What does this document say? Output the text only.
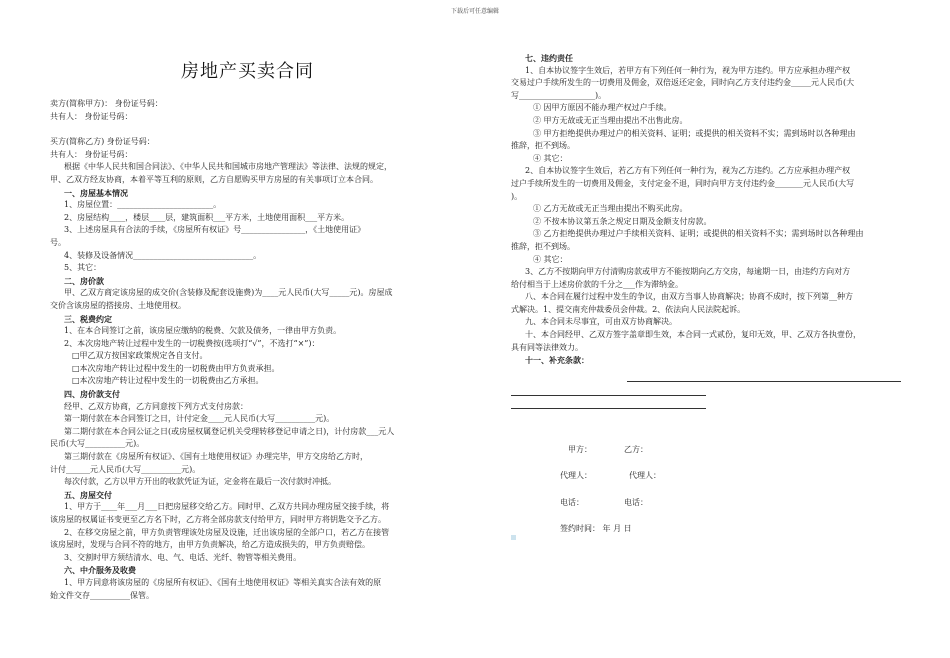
下载后可任意编辑
房地产买卖合同
卖方(简称甲方)： 身份证号码：
共有人： 身份证号码：
买方(简称乙方) 身份证号码：
共有人： 身份证号码：
根据《中华人民共和国合同法》、《中华人民共和国城市房地产管理法》等法律、法规的规定，
甲、乙双方经友协商，本着平等互利的原则，乙方自愿购买甲方房屋的有关事项订立本合同。
一、房屋基本情况
1、房屋位置：________________________。
2、房屋结构____，楼层____层，建筑面积___平方米，土地使用面积___平方米。
3、上述房屋具有合法的手续，《房屋所有权证》号________________，《土地使用证》
号。
4、装修及设备情况______________________________。
5、其它：
二、房价款
甲、乙双方商定该房屋的成交价(含装修及配套设施费)为____元人民币(大写_____元)。房屋成
交价含该房屋的搭接房、土地使用权。
三、税费约定
1、在本合同签订之前，该房屋应缴纳的税费、欠款及债务，一律由甲方负责。
2、本次房地产转让过程中发生的一切税费按(选项打“√”，不选打“×”)：
□甲乙双方按国家政策规定各自支付。
□本次房地产转让过程中发生的一切税费由甲方负责承担。
□本次房地产转让过程中发生的一切税费由乙方承担。
四、房价款支付
经甲、乙双方协商，乙方同意按下列方式支付房款：
第一期付款在本合同签订之日，计付定金____元人民币(大写__________元)。
第二期付款在本合同公证之日(或房屋权属登记机关受理转移登记申请之日)，计付房款___元人
民币(大写__________元)。
第三期付款在《房屋所有权证》、《国有土地使用权证》办理完毕，甲方交房给乙方时，
计付______元人民币(大写__________元)。
每次付款，乙方以甲方开出的收款凭证为证，定金将在最后一次付款时冲抵。
五、房屋交付
1、甲方于____年___月___日把房屋移交给乙方。同时甲、乙双方共同办理房屋交接手续，将
该房屋的权属证书变更至乙方名下时，乙方将全部房款支付给甲方，同时甲方将钥匙交予乙方。
2、在移交房屋之前，甲方负责管理该处房屋及设施，迁出该房屋的全部户口，若乙方在接管
该房屋时，发现与合同不符的地方，由甲方负责解决，给乙方造成损失的，甲方负责赔偿。
3、交割时甲方须结清水、电、气、电话、光纤、物管等相关费用。
六、中介服务及收费
1、甲方同意将该房屋的《房屋所有权证》、《国有土地使用权证》等相关真实合法有效的原
始文件交存__________保管。
七、违约责任
1、自本协议签字生效后，若甲方有下列任何一种行为，视为甲方违约。甲方应承担办理产权
交易过户手续所发生的一切费用及佣金，双倍返还定金，同时向乙方支付违约金_____元人民币(大
写___________________)。
① 因甲方原因不能办理产权过户手续。
② 甲方无故或无正当理由提出不出售此房。
③ 甲方拒绝提供办理过户的相关资料、证明；或提供的相关资料不实；需到场时以各种理由
推辞，拒不到场。
④ 其它：
2、自本协议签字生效后，若乙方有下列任何一种行为，视为乙方违约。乙方应承担办理产权
过户手续所发生的一切费用及佣金，支付定金不退，同时向甲方支付违约金_______元人民币(大写
)。
① 乙方无故或无正当理由提出不购买此房。
② 不按本协议第五条之规定日期及金额支付房款。
③ 乙方拒绝提供办理过户手续相关资料、证明；或提供的相关资料不实；需到场时以各种理由
推辞，拒不到场。
④ 其它：
3、乙方不按期向甲方付清购房款或甲方不能按期向乙方交房，每逾期一日，由违约方向对方
给付相当于上述房价款的千分之___作为滞纳金。
八、本合同在履行过程中发生的争议，由双方当事人协商解决；协商不成时，按下列第__种方
式解决。1、提交南充仲裁委员会仲裁。2、依法向人民法院起诉。
九、本合同未尽事宜，可由双方协商解决。
十、本合同经甲、乙双方签字盖章即生效，本合同一式贰份，复印无效，甲、乙双方各执壹份，
具有同等法律效力。
十一、补充条款：
甲方：	乙方：
代理人：	代理人：
电话：	电话：
签约时间： 年 月 日
